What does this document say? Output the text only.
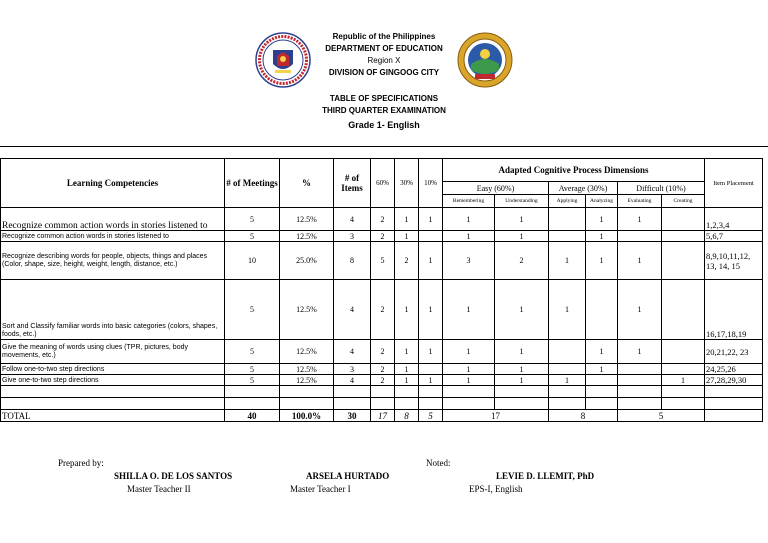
Republic of the Philippines
DEPARTMENT OF EDUCATION
Region X
DIVISION OF GINGOOG CITY
TABLE OF SPECIFICATIONS
THIRD QUARTER EXAMINATION
Grade 1- English
Learning Competencies	# of Meetings	%	# of Items	60%	30%	10%	Adapted Cognitive Process Dimensions						Item Placement
							Easy (60%)		Average (30%)		Difficult (10%)		
							Remembering	Understanding	Applying	Analyzing	Evaluating	Creating	
Recognize common action words in stories listened to	5	12.5%	4	2	1	1	1	1		1	1		1,2,3,4
Recognize common action words in stories listened to	5	12.5%	3	2	1		1	1		1			5,6,7
Recognize describing words for people, objects, things and places (Color, shape, size, height, weight, length, distance, etc.)	10	25.0%	8	5	2	1	3	2	1	1	1		8,9,10,11,12, 13, 14, 15
Sort and Classify familiar words into basic categories (colors, shapes, foods, etc.)	5	12.5%	4	2	1	1	1	1	1		1		16,17,18,19
Give the meaning of words using clues (TPR, pictures, body movements, etc.)	5	12.5%	4	2	1	1	1	1		1	1		20,21,22, 23
Follow one-to-two step directions	5	12.5%	3	2	1		1	1		1			24,25,26
Give one-to-two step directions	5	12.5%	4	2	1	1	1	1	1			1	27,28,29,30

TOTAL	40	100.0%	30	17	8	5	17		8		5		
Prepared by:	Noted:
SHILLA O. DE LOS SANTOS
Master Teacher II
ARSELA HURTADO
Master Teacher I
LEVIE D. LLEMIT, PhD
EPS-I, English
